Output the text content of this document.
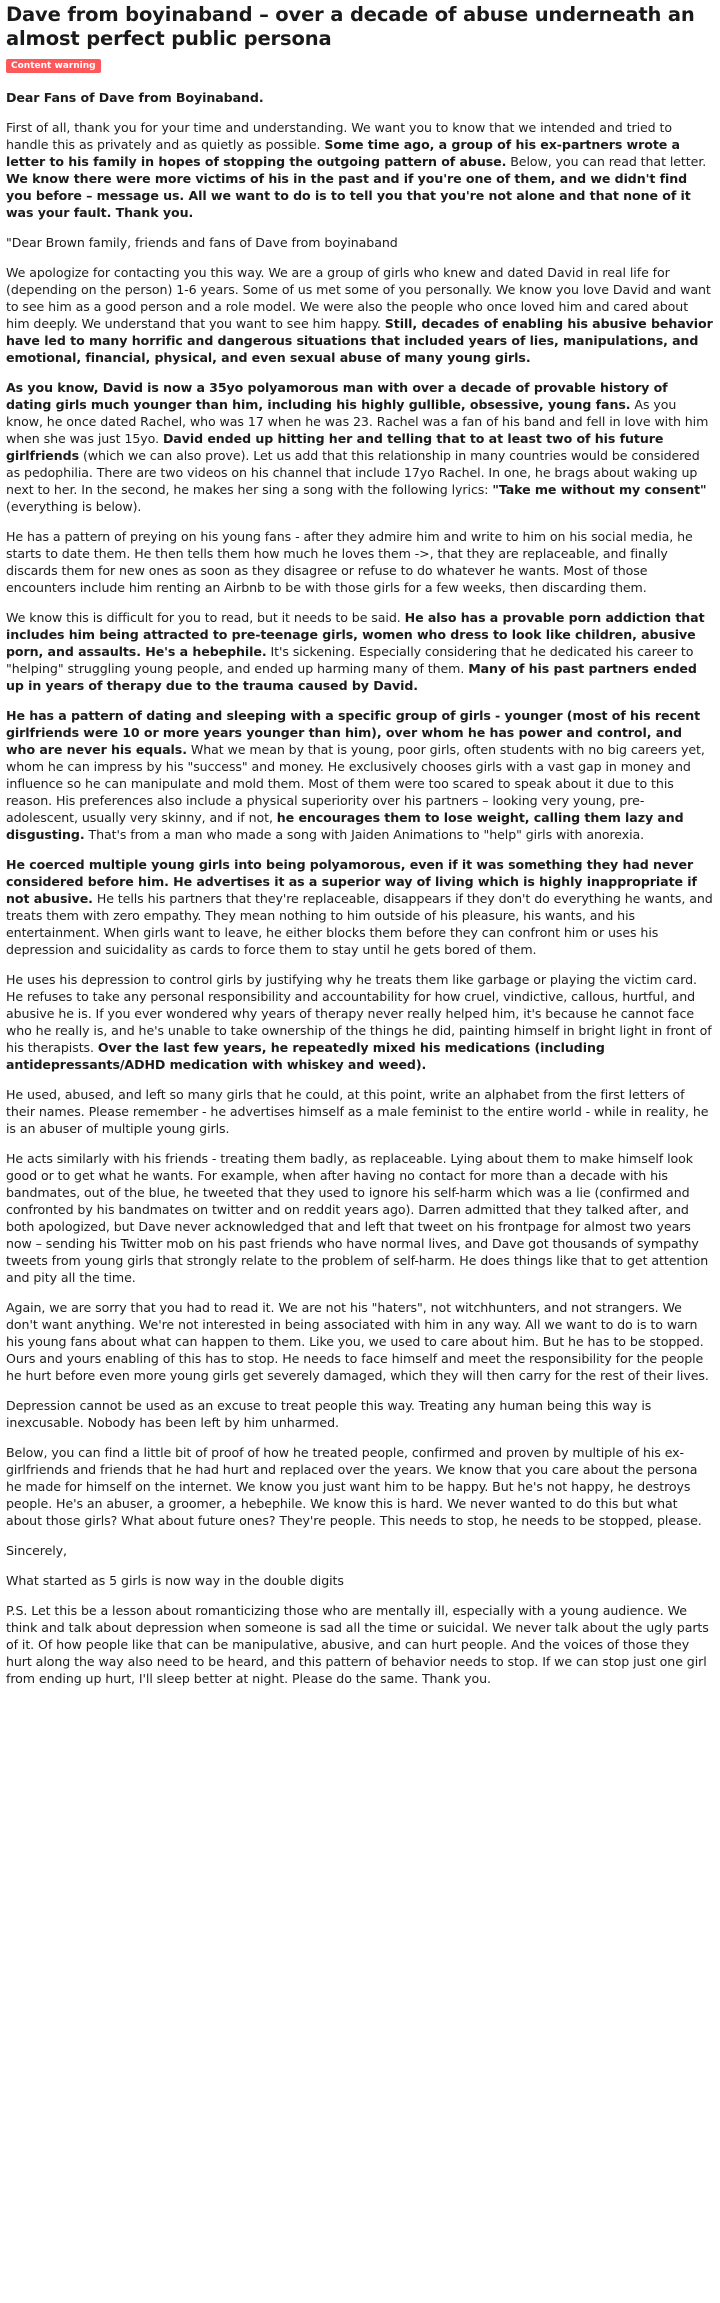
Dave from boyinaband – over a decade of abuse underneath an almost perfect public persona
Content warning

Dear Fans of Dave from Boyinaband.

First of all, thank you for your time and understanding. We want you to know that we intended and tried to handle this as privately and as quietly as possible. Some time ago, a group of his ex-partners wrote a letter to his family in hopes of stopping the outgoing pattern of abuse. Below, you can read that letter. We know there were more victims of his in the past and if you're one of them, and we didn't find you before – message us. All we want to do is to tell you that you're not alone and that none of it was your fault. Thank you.

"Dear Brown family, friends and fans of Dave from boyinaband

We apologize for contacting you this way. We are a group of girls who knew and dated David in real life for (depending on the person) 1-6 years. Some of us met some of you personally. We know you love David and want to see him as a good person and a role model. We were also the people who once loved him and cared about him deeply. We understand that you want to see him happy. Still, decades of enabling his abusive behavior have led to many horrific and dangerous situations that included years of lies, manipulations, and emotional, financial, physical, and even sexual abuse of many young girls.

As you know, David is now a 35yo polyamorous man with over a decade of provable history of dating girls much younger than him, including his highly gullible, obsessive, young fans. As you know, he once dated Rachel, who was 17 when he was 23. Rachel was a fan of his band and fell in love with him when she was just 15yo. David ended up hitting her and telling that to at least two of his future girlfriends (which we can also prove). Let us add that this relationship in many countries would be considered as pedophilia. There are two videos on his channel that include 17yo Rachel. In one, he brags about waking up next to her. In the second, he makes her sing a song with the following lyrics: "Take me without my consent" (everything is below).

He has a pattern of preying on his young fans - after they admire him and write to him on his social media, he starts to date them. He then tells them how much he loves them ->, that they are replaceable, and finally discards them for new ones as soon as they disagree or refuse to do whatever he wants. Most of those encounters include him renting an Airbnb to be with those girls for a few weeks, then discarding them.

We know this is difficult for you to read, but it needs to be said. He also has a provable porn addiction that includes him being attracted to pre-teenage girls, women who dress to look like children, abusive porn, and assaults. He's a hebephile. It's sickening. Especially considering that he dedicated his career to "helping" struggling young people, and ended up harming many of them. Many of his past partners ended up in years of therapy due to the trauma caused by David.

He has a pattern of dating and sleeping with a specific group of girls - younger (most of his recent girlfriends were 10 or more years younger than him), over whom he has power and control, and who are never his equals. What we mean by that is young, poor girls, often students with no big careers yet, whom he can impress by his "success" and money. He exclusively chooses girls with a vast gap in money and influence so he can manipulate and mold them. Most of them were too scared to speak about it due to this reason. His preferences also include a physical superiority over his partners – looking very young, pre-adolescent, usually very skinny, and if not, he encourages them to lose weight, calling them lazy and disgusting. That's from a man who made a song with Jaiden Animations to "help" girls with anorexia.

He coerced multiple young girls into being polyamorous, even if it was something they had never considered before him. He advertises it as a superior way of living which is highly inappropriate if not abusive. He tells his partners that they're replaceable, disappears if they don't do everything he wants, and treats them with zero empathy. They mean nothing to him outside of his pleasure, his wants, and his entertainment. When girls want to leave, he either blocks them before they can confront him or uses his depression and suicidality as cards to force them to stay until he gets bored of them.

He uses his depression to control girls by justifying why he treats them like garbage or playing the victim card. He refuses to take any personal responsibility and accountability for how cruel, vindictive, callous, hurtful, and abusive he is. If you ever wondered why years of therapy never really helped him, it's because he cannot face who he really is, and he's unable to take ownership of the things he did, painting himself in bright light in front of his therapists. Over the last few years, he repeatedly mixed his medications (including antidepressants/ADHD medication with whiskey and weed).

He used, abused, and left so many girls that he could, at this point, write an alphabet from the first letters of their names. Please remember - he advertises himself as a male feminist to the entire world - while in reality, he is an abuser of multiple young girls.

He acts similarly with his friends - treating them badly, as replaceable. Lying about them to make himself look good or to get what he wants. For example, when after having no contact for more than a decade with his bandmates, out of the blue, he tweeted that they used to ignore his self-harm which was a lie (confirmed and confronted by his bandmates on twitter and on reddit years ago). Darren admitted that they talked after, and both apologized, but Dave never acknowledged that and left that tweet on his frontpage for almost two years now – sending his Twitter mob on his past friends who have normal lives, and Dave got thousands of sympathy tweets from young girls that strongly relate to the problem of self-harm. He does things like that to get attention and pity all the time.

Again, we are sorry that you had to read it. We are not his "haters", not witchhunters, and not strangers. We don't want anything. We're not interested in being associated with him in any way. All we want to do is to warn his young fans about what can happen to them. Like you, we used to care about him. But he has to be stopped. Ours and yours enabling of this has to stop. He needs to face himself and meet the responsibility for the people he hurt before even more young girls get severely damaged, which they will then carry for the rest of their lives.

Depression cannot be used as an excuse to treat people this way. Treating any human being this way is inexcusable. Nobody has been left by him unharmed.

Below, you can find a little bit of proof of how he treated people, confirmed and proven by multiple of his ex-girlfriends and friends that he had hurt and replaced over the years. We know that you care about the persona he made for himself on the internet. We know you just want him to be happy. But he's not happy, he destroys people. He's an abuser, a groomer, a hebephile. We know this is hard. We never wanted to do this but what about those girls? What about future ones? They're people. This needs to stop, he needs to be stopped, please.

Sincerely,

What started as 5 girls is now way in the double digits

P.S. Let this be a lesson about romanticizing those who are mentally ill, especially with a young audience. We think and talk about depression when someone is sad all the time or suicidal. We never talk about the ugly parts of it. Of how people like that can be manipulative, abusive, and can hurt people. And the voices of those they hurt along the way also need to be heard, and this pattern of behavior needs to stop. If we can stop just one girl from ending up hurt, I'll sleep better at night. Please do the same. Thank you.
